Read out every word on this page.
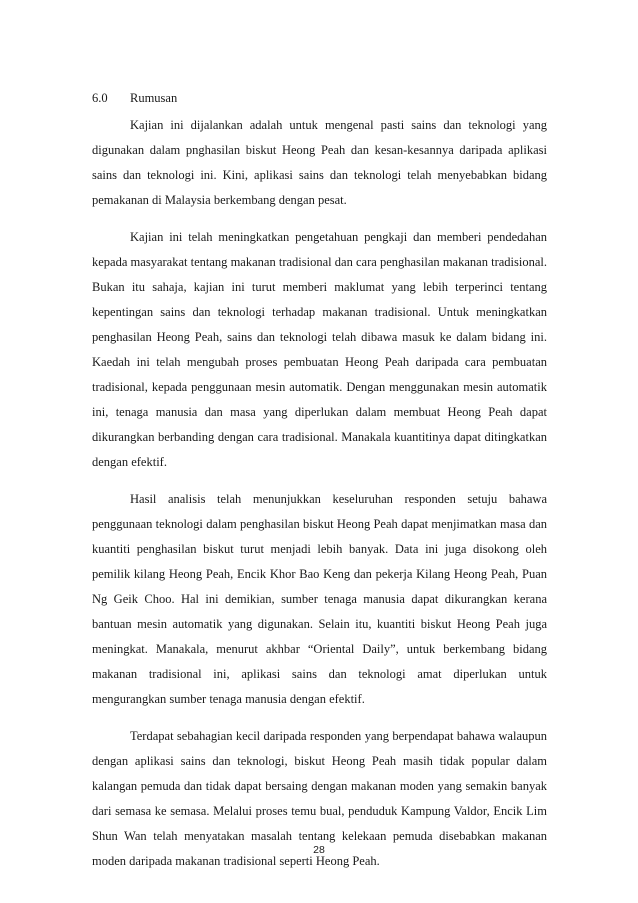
6.0 Rumusan

Kajian ini dijalankan adalah untuk mengenal pasti sains dan teknologi yang digunakan dalam pnghasilan biskut Heong Peah dan kesan-kesannya daripada aplikasi sains dan teknologi ini. Kini, aplikasi sains dan teknologi telah menyebabkan bidang pemakanan di Malaysia berkembang dengan pesat.

Kajian ini telah meningkatkan pengetahuan pengkaji dan memberi pendedahan kepada masyarakat tentang makanan tradisional dan cara penghasilan makanan tradisional. Bukan itu sahaja, kajian ini turut memberi maklumat yang lebih terperinci tentang kepentingan sains dan teknologi terhadap makanan tradisional. Untuk meningkatkan penghasilan Heong Peah, sains dan teknologi telah dibawa masuk ke dalam bidang ini. Kaedah ini telah mengubah proses pembuatan Heong Peah daripada cara pembuatan tradisional, kepada penggunaan mesin automatik. Dengan menggunakan mesin automatik ini, tenaga manusia dan masa yang diperlukan dalam membuat Heong Peah dapat dikurangkan berbanding dengan cara tradisional. Manakala kuantitinya dapat ditingkatkan dengan efektif.

Hasil analisis telah menunjukkan keseluruhan responden setuju bahawa penggunaan teknologi dalam penghasilan biskut Heong Peah dapat menjimatkan masa dan kuantiti penghasilan biskut turut menjadi lebih banyak. Data ini juga disokong oleh pemilik kilang Heong Peah, Encik Khor Bao Keng dan pekerja Kilang Heong Peah, Puan Ng Geik Choo. Hal ini demikian, sumber tenaga manusia dapat dikurangkan kerana bantuan mesin automatik yang digunakan. Selain itu, kuantiti biskut Heong Peah juga meningkat. Manakala, menurut akhbar “Oriental Daily”, untuk berkembang bidang makanan tradisional ini, aplikasi sains dan teknologi amat diperlukan untuk mengurangkan sumber tenaga manusia dengan efektif.

Terdapat sebahagian kecil daripada responden yang berpendapat bahawa walaupun dengan aplikasi sains dan teknologi, biskut Heong Peah masih tidak popular dalam kalangan pemuda dan tidak dapat bersaing dengan makanan moden yang semakin banyak dari semasa ke semasa. Melalui proses temu bual, penduduk Kampung Valdor, Encik Lim Shun Wan telah menyatakan masalah tentang kelekaan pemuda disebabkan makanan moden daripada makanan tradisional seperti Heong Peah.

28
